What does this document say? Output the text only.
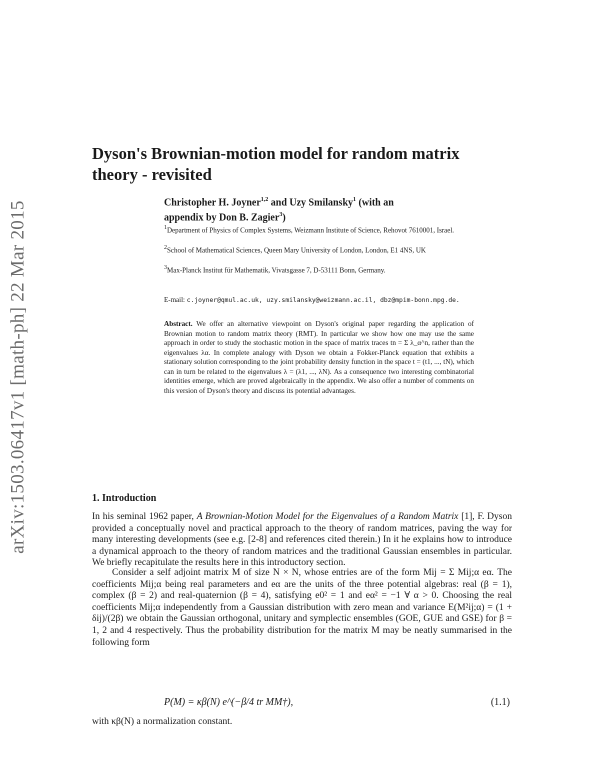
arXiv:1503.06417v1 [math-ph] 22 Mar 2015
Dyson's Brownian-motion model for random matrix theory - revisited
Christopher H. Joyner$^{1,2}$ and Uzy Smilansky$^1$ (with an
appendix by Don B. Zagier$^3$)
$^1$Department of Physics of Complex Systems, Weizmann Institute of Science, Rehovot 7610001, Israel.
$^2$School of Mathematical Sciences, Queen Mary University of London, London, E1 4NS, UK
$^3$Max-Planck Institut für Mathematik, Vivatsgasse 7, D-53111 Bonn, Germany.
E-mail: c.joyner@qmul.ac.uk, uzy.smilansky@weizmann.ac.il, dbz@mpim-bonn.mpg.de.

Abstract. We offer an alternative viewpoint on Dyson's original paper regarding the application of Brownian motion to random matrix theory (RMT). In particular we show how one may use the same approach in order to study the stochastic motion in the space of matrix traces tn = Σ λ_α^n, rather than the eigenvalues λα. In complete analogy with Dyson we obtain a Fokker-Planck equation that exhibits a stationary solution corresponding to the joint probability density function in the space t = (t1, ..., tN), which can in turn be related to the eigenvalues λ = (λ1, ..., λN). As a consequence two interesting combinatorial identities emerge, which are proved algebraically in the appendix. We also offer a number of comments on this version of Dyson's theory and discuss its potential advantages.

1. Introduction

In his seminal 1962 paper, A Brownian-Motion Model for the Eigenvalues of a Random Matrix [1], F. Dyson provided a conceptually novel and practical approach to the theory of random matrices, paving the way for many interesting developments (see e.g. [2-8] and references cited therein.) In it he explains how to introduce a dynamical approach to the theory of random matrices and the traditional Gaussian ensembles in particular. We briefly recapitulate the results here in this introductory section.

Consider a self adjoint matrix M of size N × N, whose entries are of the form Mij = Σ Mij;α eα. The coefficients Mij;α being real parameters and eα are the units of the three potential algebras: real (β = 1), complex (β = 2) and real-quaternion (β = 4), satisfying e0² = 1 and eα² = −1 ∀ α > 0. Choosing the real coefficients Mij;α independently from a Gaussian distribution with zero mean and variance E(M²ij;α) = (1 + δij)/(2β) we obtain the Gaussian orthogonal, unitary and symplectic ensembles (GOE, GUE and GSE) for β = 1, 2 and 4 respectively. Thus the probability distribution for the matrix M may be neatly summarised in the following form

P(M) = κβ(N) e^(−β/4 tr MM†),	(1.1)

with κβ(N) a normalization constant.
